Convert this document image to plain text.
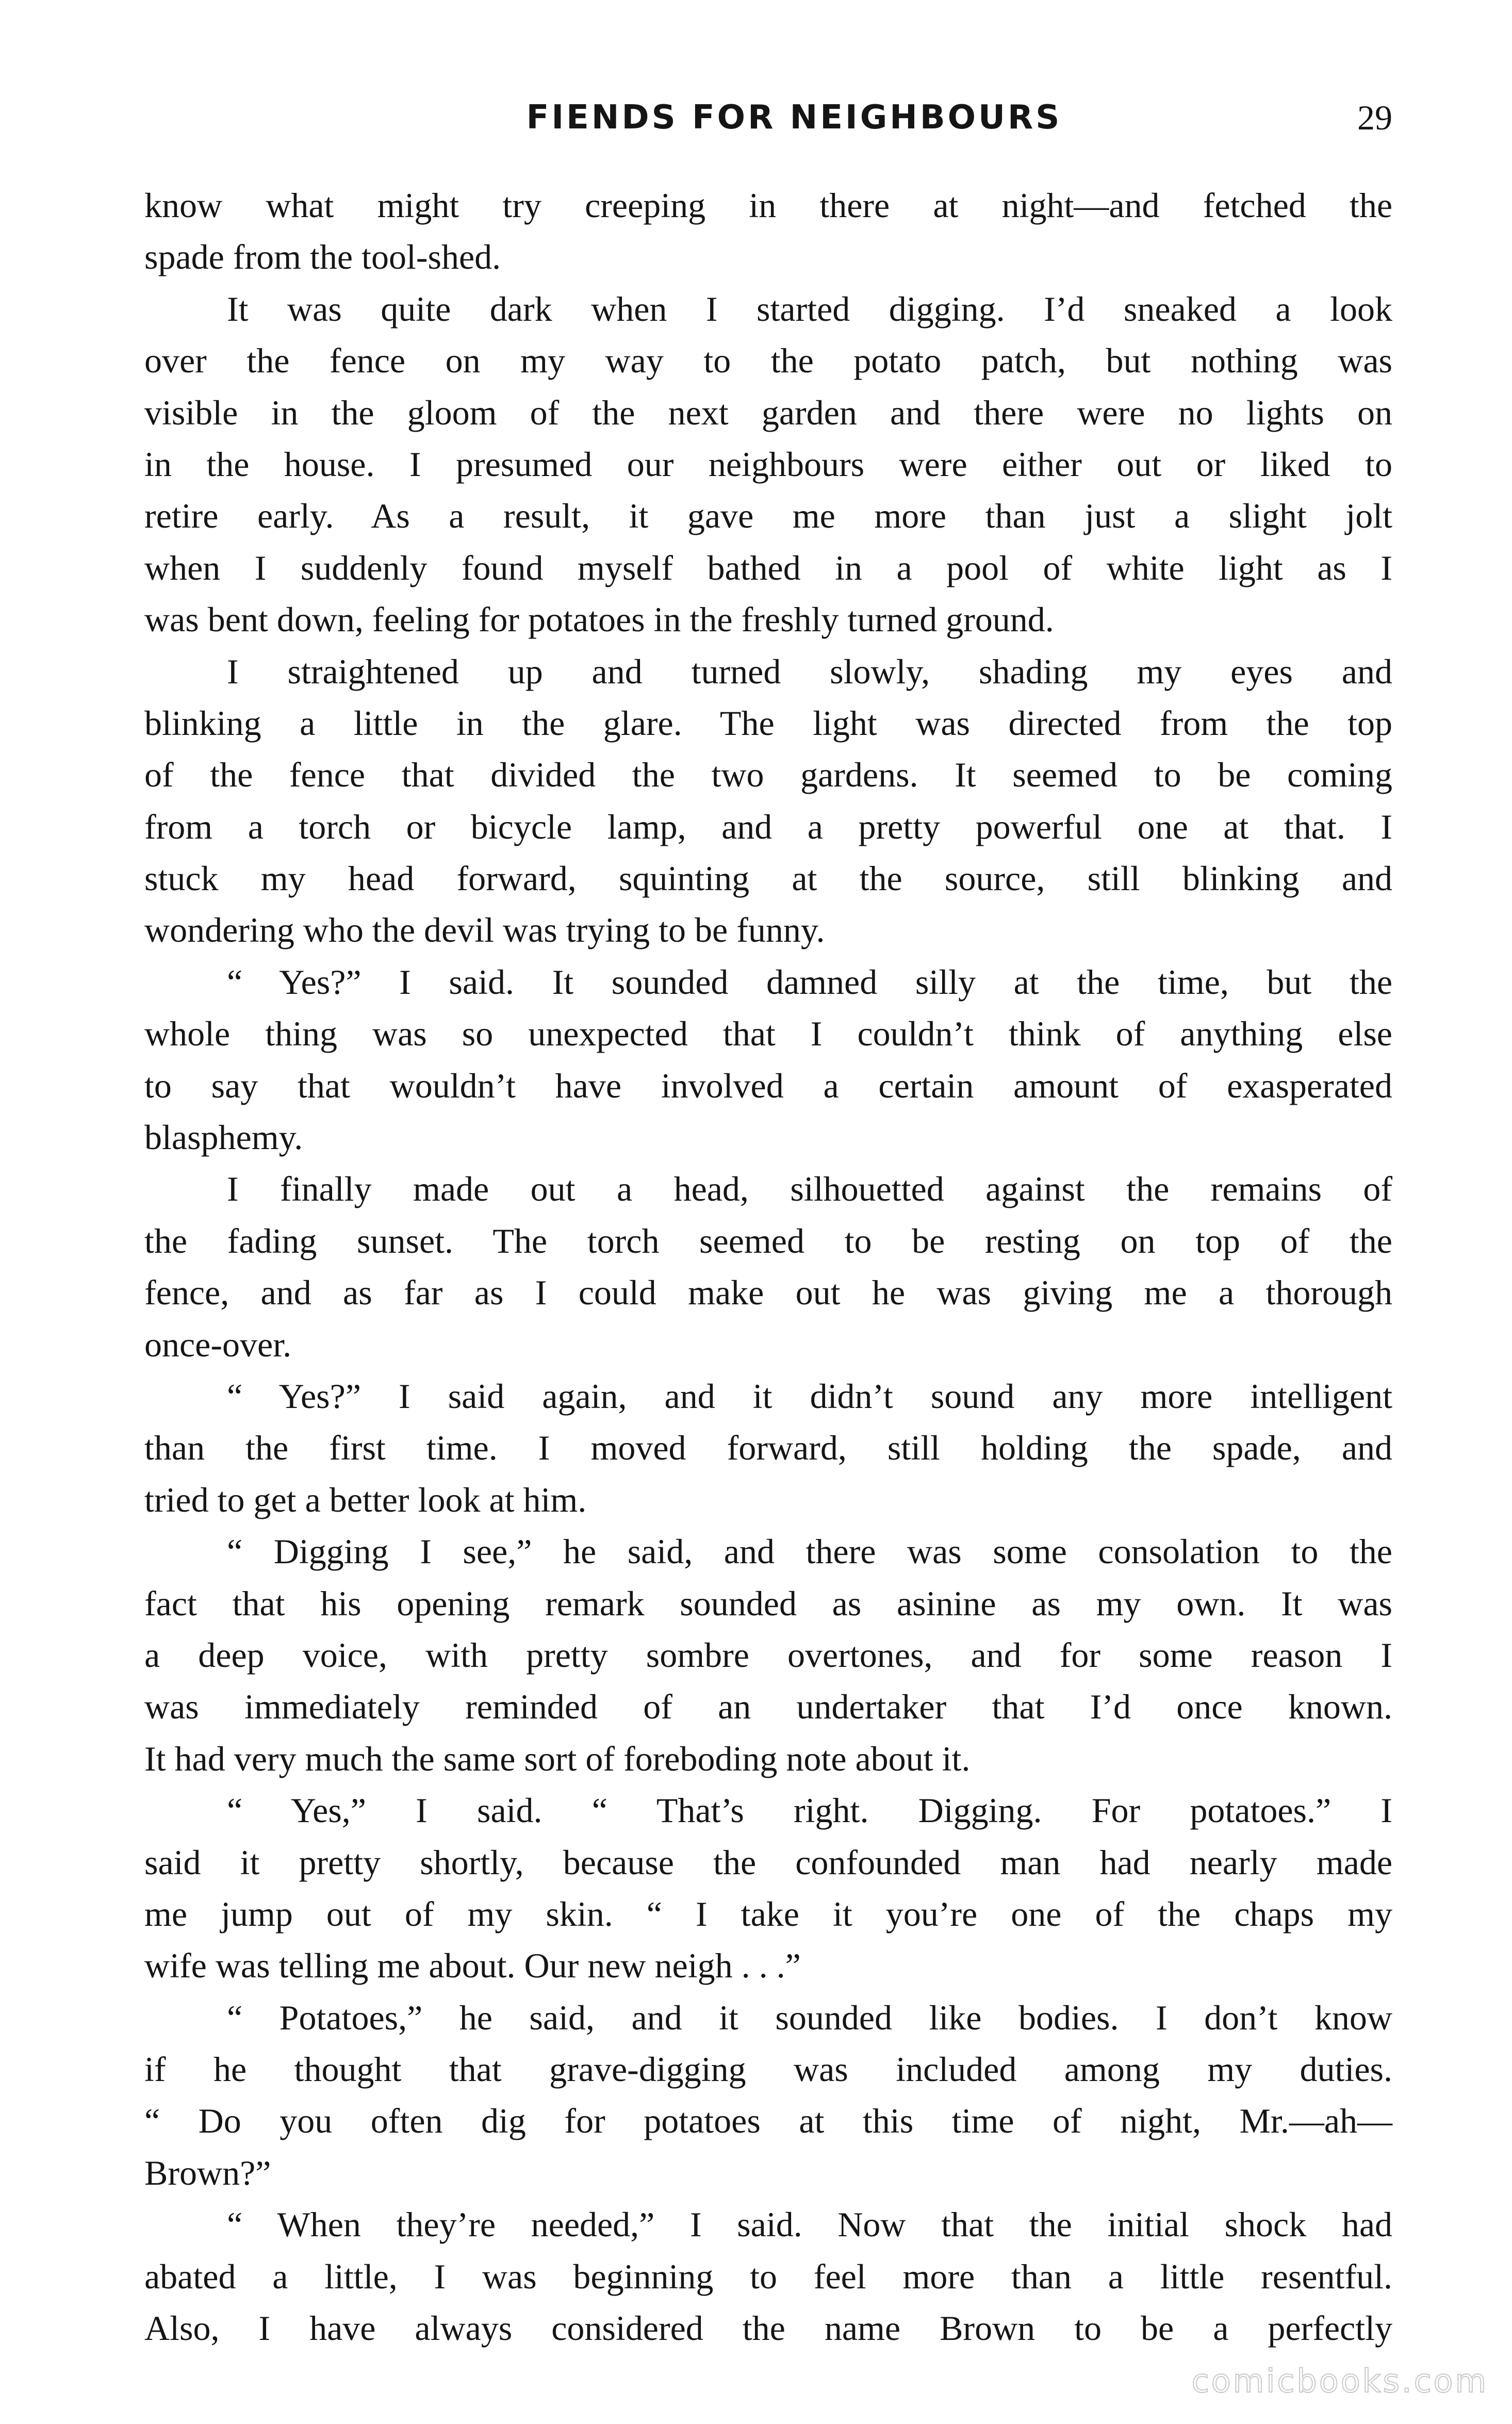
FIENDS FOR NEIGHBOURS	29

know what might try creeping in there at night—and fetched the
spade from the tool-shed.

It was quite dark when I started digging. I’d sneaked a look
over the fence on my way to the potato patch, but nothing was
visible in the gloom of the next garden and there were no lights on
in the house. I presumed our neighbours were either out or liked to
retire early. As a result, it gave me more than just a slight jolt
when I suddenly found myself bathed in a pool of white light as I
was bent down, feeling for potatoes in the freshly turned ground.

I straightened up and turned slowly, shading my eyes and
blinking a little in the glare. The light was directed from the top
of the fence that divided the two gardens. It seemed to be coming
from a torch or bicycle lamp, and a pretty powerful one at that. I
stuck my head forward, squinting at the source, still blinking and
wondering who the devil was trying to be funny.

“ Yes?” I said. It sounded damned silly at the time, but the
whole thing was so unexpected that I couldn’t think of anything else
to say that wouldn’t have involved a certain amount of exasperated
blasphemy.

I finally made out a head, silhouetted against the remains of
the fading sunset. The torch seemed to be resting on top of the
fence, and as far as I could make out he was giving me a thorough
once-over.

“ Yes?” I said again, and it didn’t sound any more intelligent
than the first time. I moved forward, still holding the spade, and
tried to get a better look at him.

“ Digging I see,” he said, and there was some consolation to the
fact that his opening remark sounded as asinine as my own. It was
a deep voice, with pretty sombre overtones, and for some reason I
was immediately reminded of an undertaker that I’d once known.
It had very much the same sort of foreboding note about it.

“ Yes,” I said. “ That’s right. Digging. For potatoes.” I
said it pretty shortly, because the confounded man had nearly made
me jump out of my skin. “ I take it you’re one of the chaps my
wife was telling me about. Our new neigh . . .”

“ Potatoes,” he said, and it sounded like bodies. I don’t know
if he thought that grave-digging was included among my duties.
“ Do you often dig for potatoes at this time of night, Mr.—ah—
Brown?”

“ When they’re needed,” I said. Now that the initial shock had
abated a little, I was beginning to feel more than a little resentful.
Also, I have always considered the name Brown to be a perfectly

comicbooks.com
